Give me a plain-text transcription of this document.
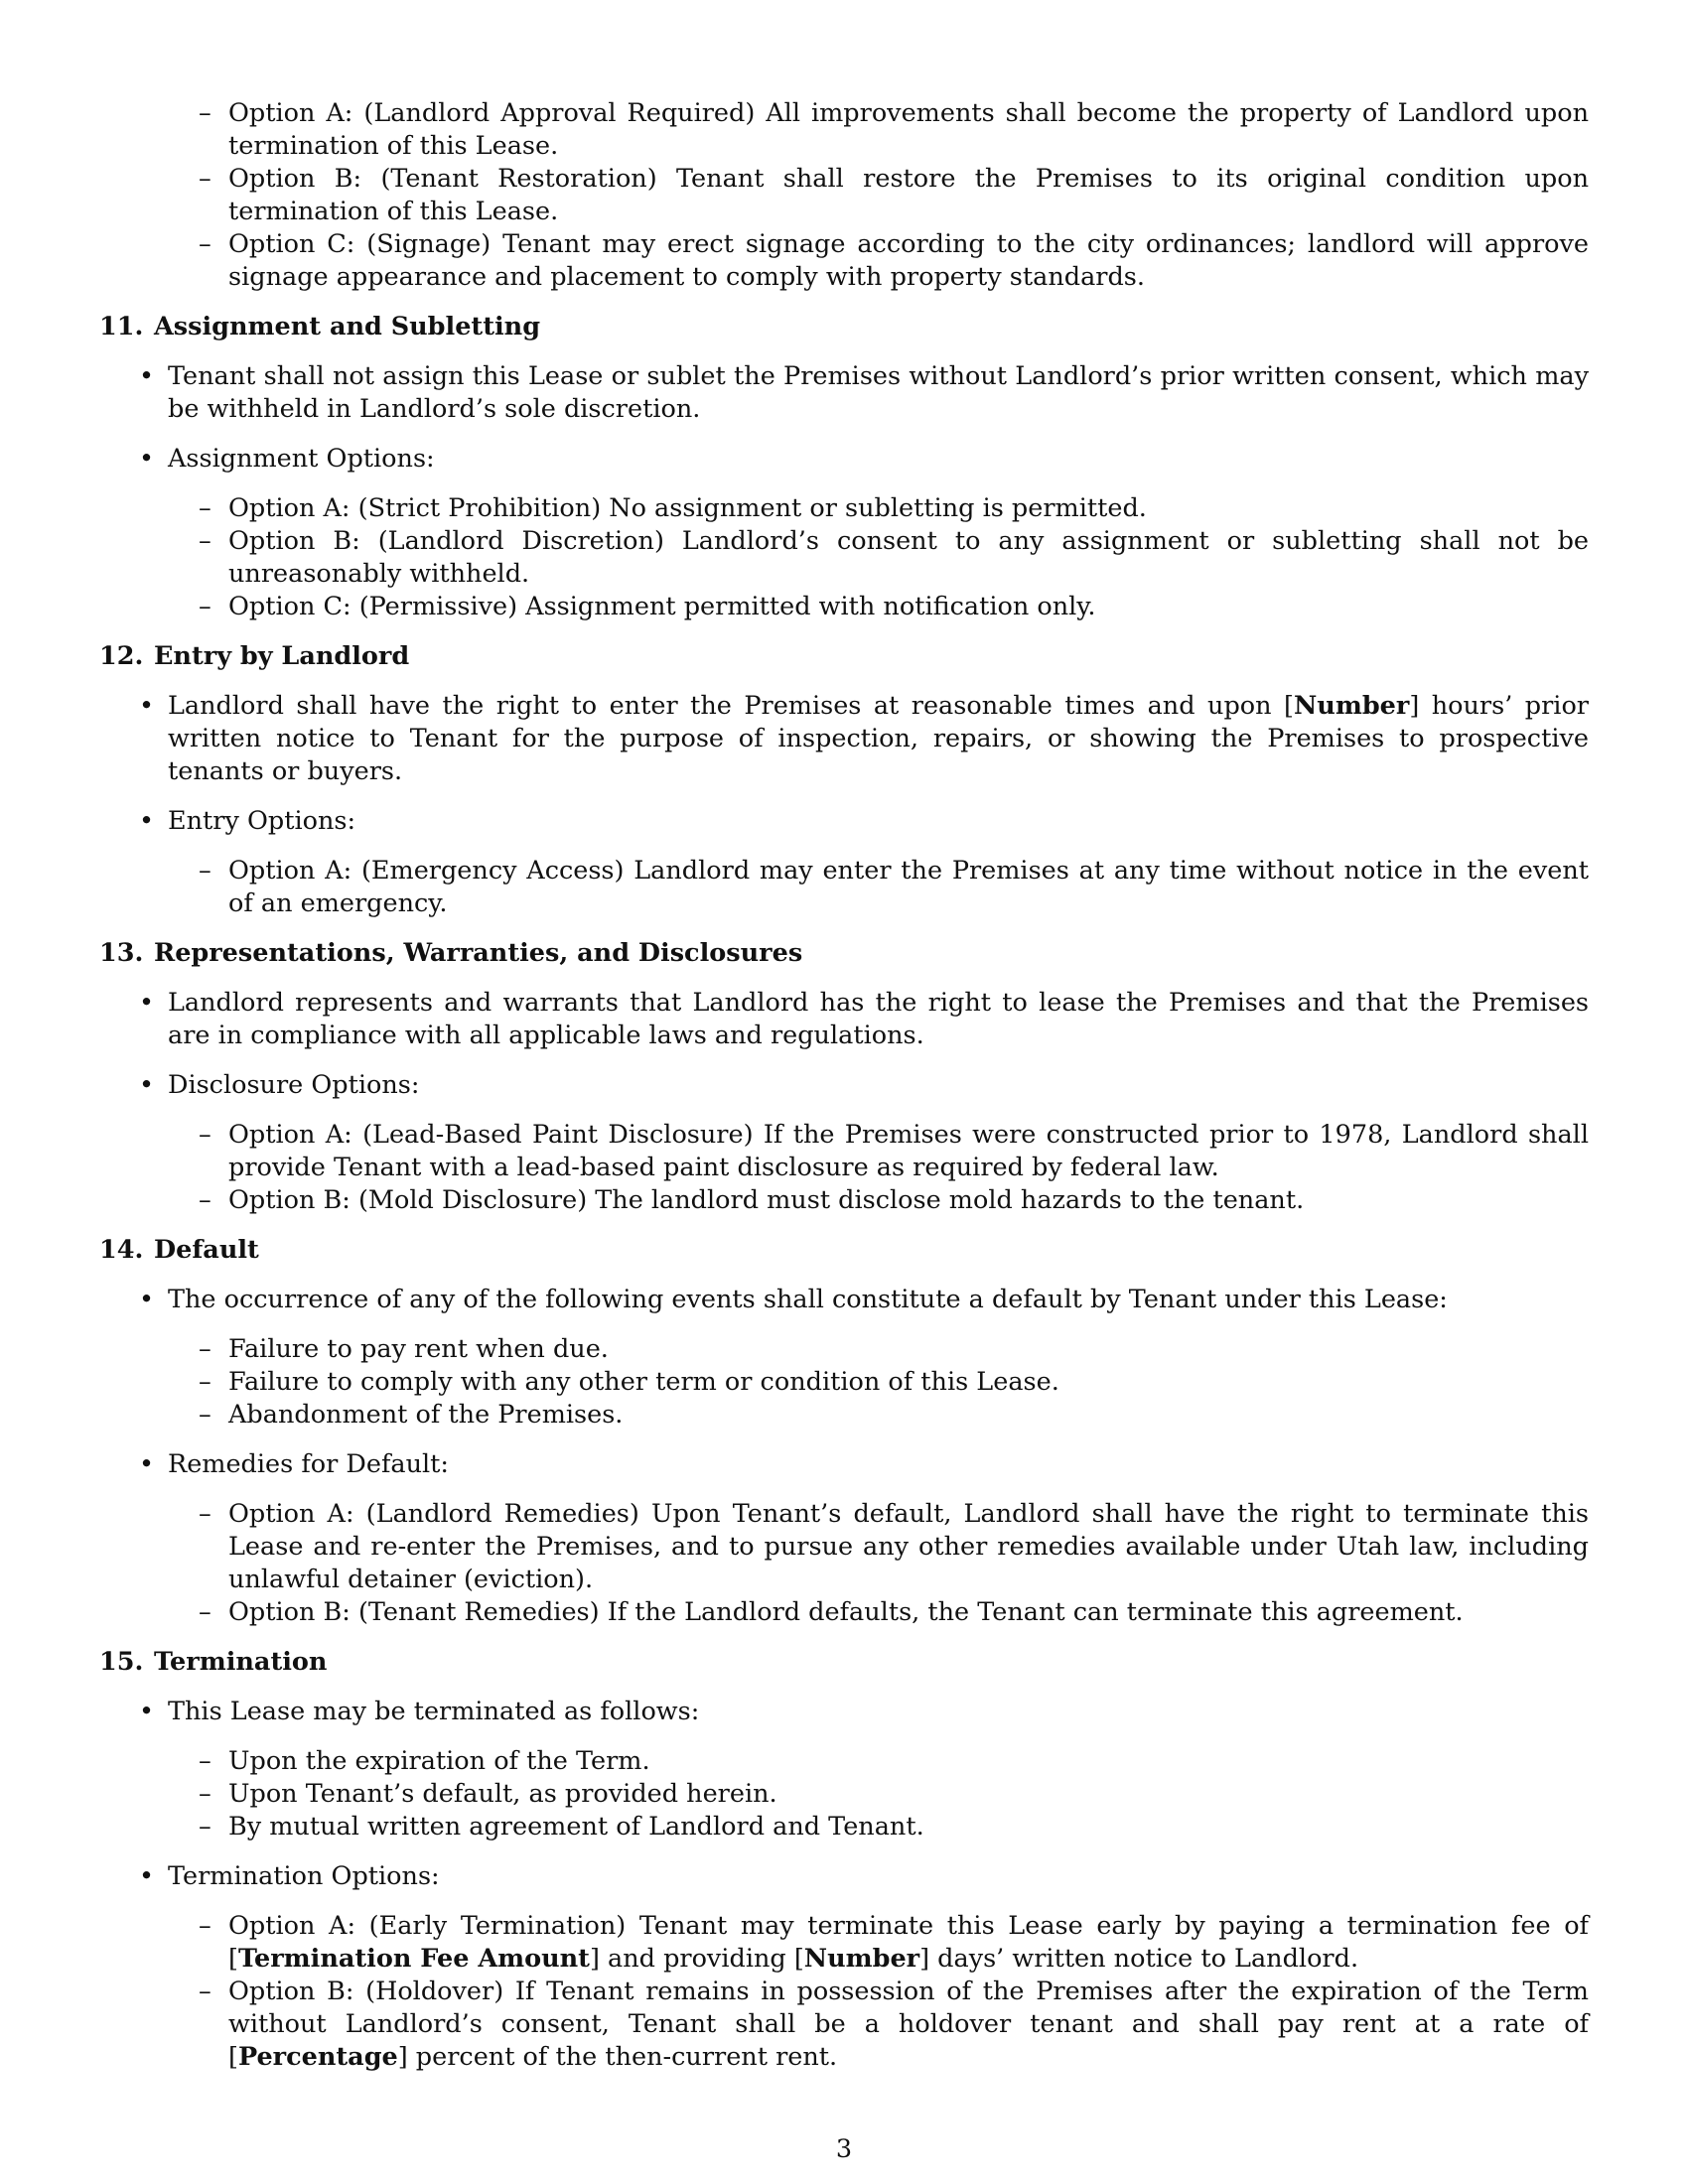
– Option A: (Landlord Approval Required) All improvements shall become the property of Landlord upon termination of this Lease.
– Option B: (Tenant Restoration) Tenant shall restore the Premises to its original condition upon termination of this Lease.
– Option C: (Signage) Tenant may erect signage according to the city ordinances; landlord will approve signage appearance and placement to comply with property standards.
11. Assignment and Subletting
• Tenant shall not assign this Lease or sublet the Premises without Landlord’s prior written consent, which may be withheld in Landlord’s sole discretion.
• Assignment Options:
– Option A: (Strict Prohibition) No assignment or subletting is permitted.
– Option B: (Landlord Discretion) Landlord’s consent to any assignment or subletting shall not be unreasonably withheld.
– Option C: (Permissive) Assignment permitted with notification only.
12. Entry by Landlord
• Landlord shall have the right to enter the Premises at reasonable times and upon [Number] hours’ prior written notice to Tenant for the purpose of inspection, repairs, or showing the Premises to prospective tenants or buyers.
• Entry Options:
– Option A: (Emergency Access) Landlord may enter the Premises at any time without notice in the event of an emergency.
13. Representations, Warranties, and Disclosures
• Landlord represents and warrants that Landlord has the right to lease the Premises and that the Premises are in compliance with all applicable laws and regulations.
• Disclosure Options:
– Option A: (Lead-Based Paint Disclosure) If the Premises were constructed prior to 1978, Landlord shall provide Tenant with a lead-based paint disclosure as required by federal law.
– Option B: (Mold Disclosure) The landlord must disclose mold hazards to the tenant.
14. Default
• The occurrence of any of the following events shall constitute a default by Tenant under this Lease:
– Failure to pay rent when due.
– Failure to comply with any other term or condition of this Lease.
– Abandonment of the Premises.
• Remedies for Default:
– Option A: (Landlord Remedies) Upon Tenant’s default, Landlord shall have the right to terminate this Lease and re-enter the Premises, and to pursue any other remedies available under Utah law, including unlawful detainer (eviction).
– Option B: (Tenant Remedies) If the Landlord defaults, the Tenant can terminate this agreement.
15. Termination
• This Lease may be terminated as follows:
– Upon the expiration of the Term.
– Upon Tenant’s default, as provided herein.
– By mutual written agreement of Landlord and Tenant.
• Termination Options:
– Option A: (Early Termination) Tenant may terminate this Lease early by paying a termination fee of [Termination Fee Amount] and providing [Number] days’ written notice to Landlord.
– Option B: (Holdover) If Tenant remains in possession of the Premises after the expiration of the Term without Landlord’s consent, Tenant shall be a holdover tenant and shall pay rent at a rate of [Percentage] percent of the then-current rent.
3
